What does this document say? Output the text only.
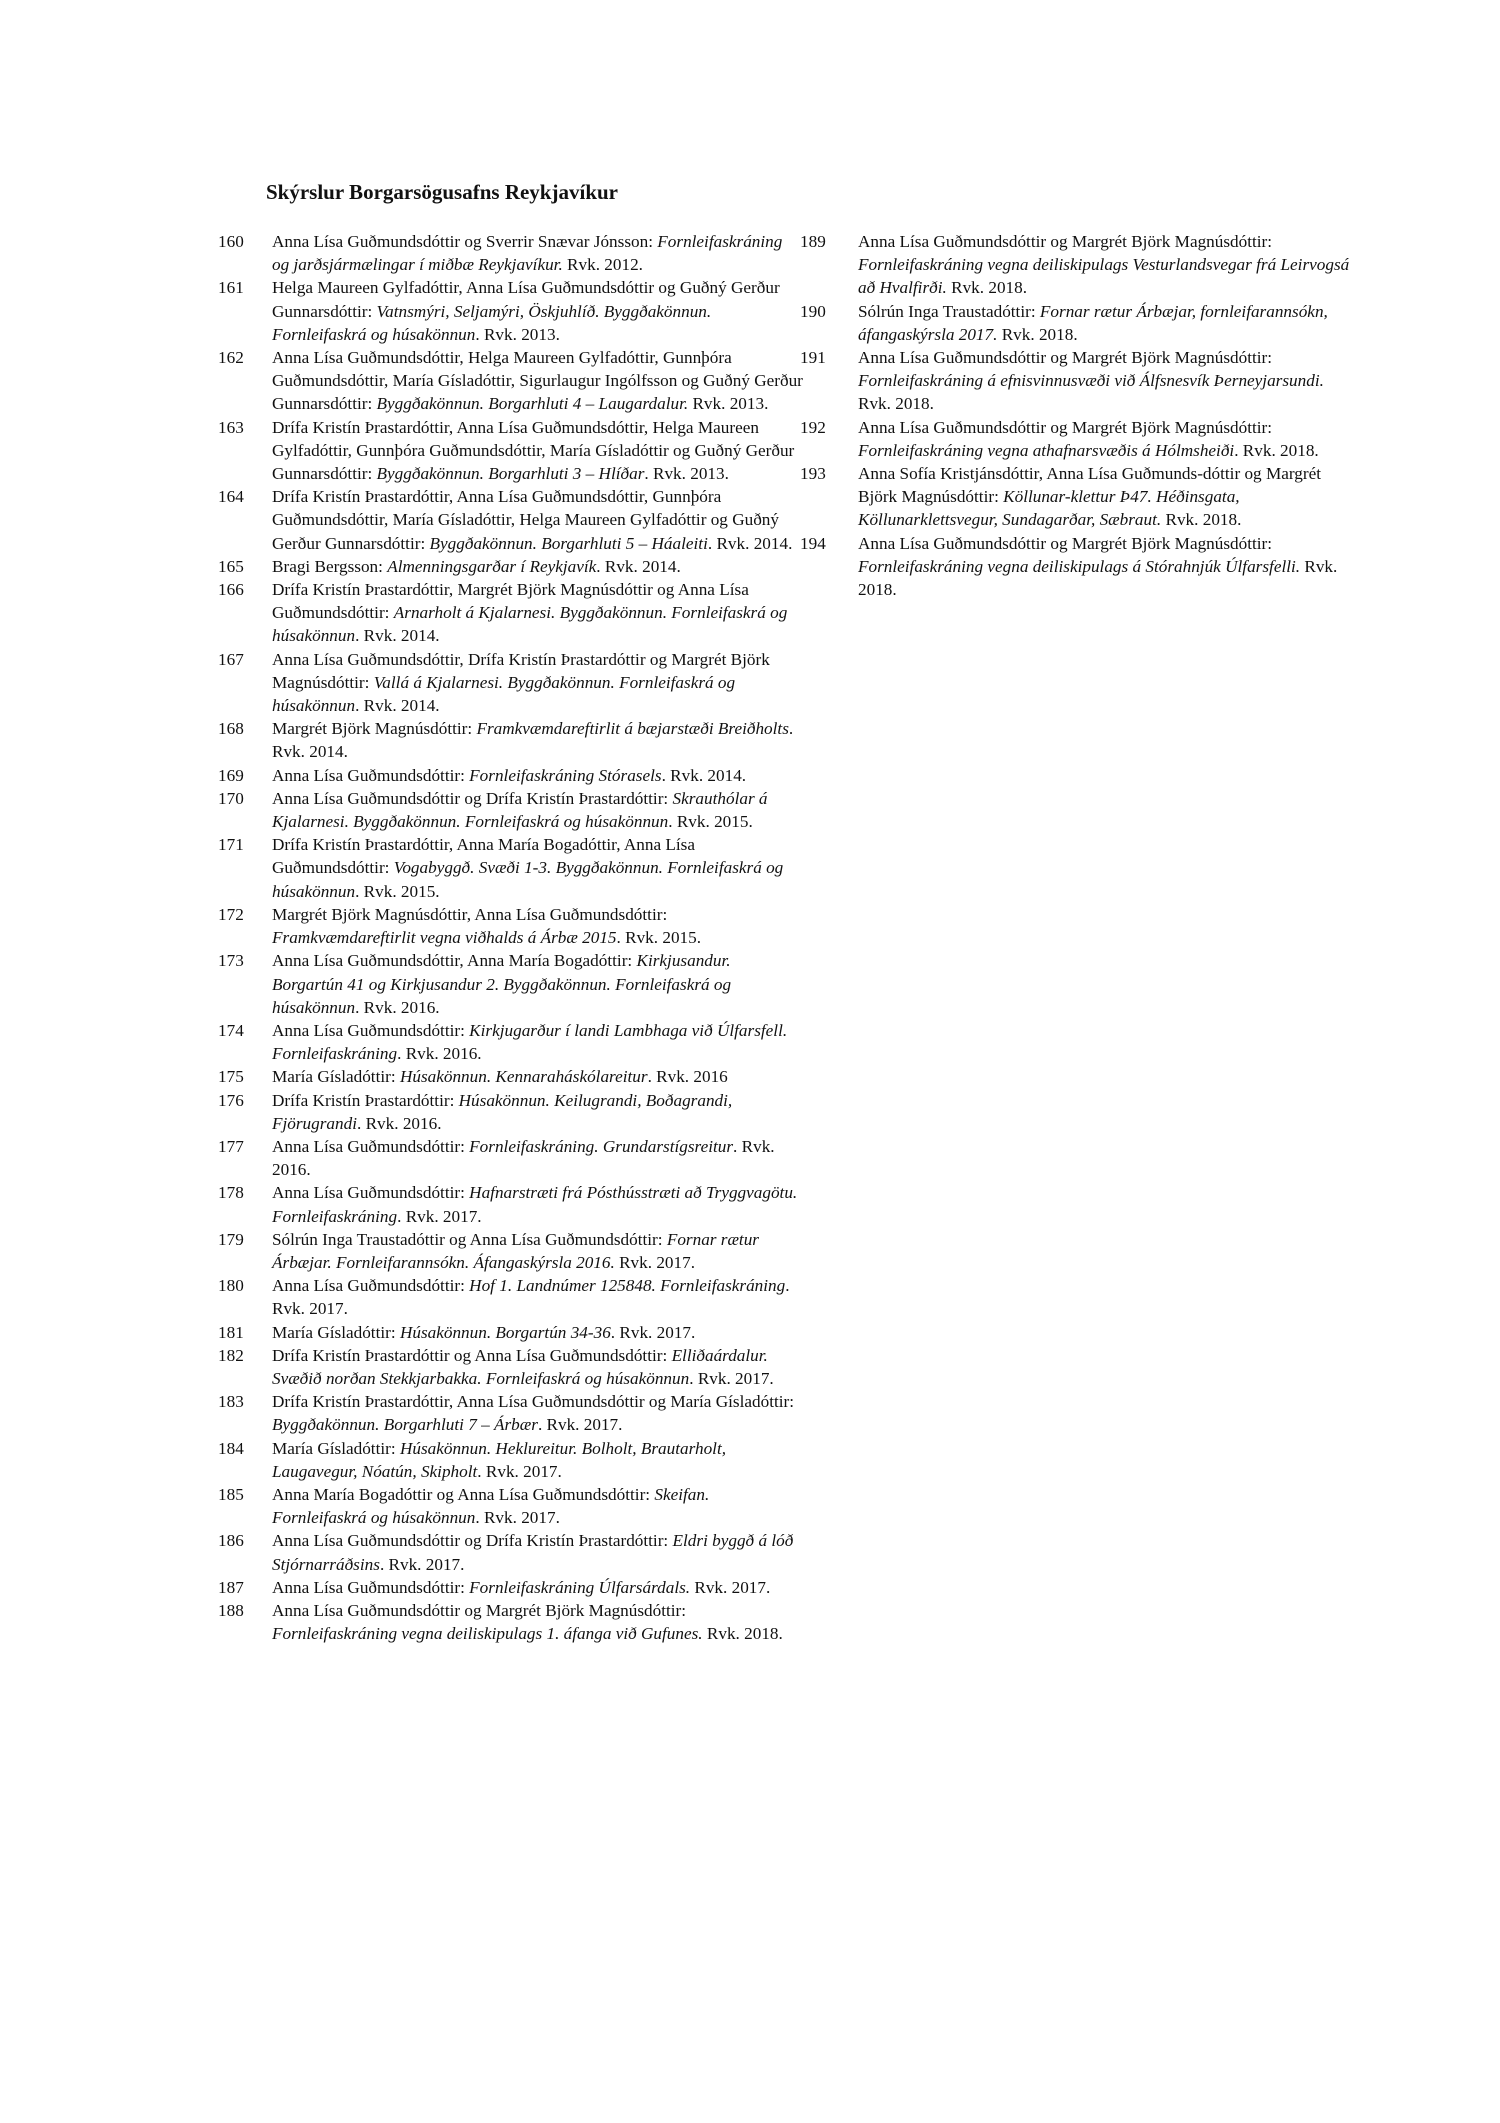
Skýrslur Borgarsögusafns Reykjavíkur
160	Anna Lísa Guðmundsdóttir og Sverrir Snævar Jónsson: Fornleifaskráning og jarðsjármælingar í miðbæ Reykjavíkur. Rvk. 2012.
161	Helga Maureen Gylfadóttir, Anna Lísa Guðmundsdóttir og Guðný Gerður Gunnarsdóttir: Vatnsmýri, Seljamýri, Öskjuhlíð. Byggðakönnun. Fornleifaskrá og húsakönnun. Rvk. 2013.
162	Anna Lísa Guðmundsdóttir, Helga Maureen Gylfadóttir, Gunnþóra Guðmundsdóttir, María Gísladóttir, Sigurlaugur Ingólfsson og Guðný Gerður Gunnarsdóttir: Byggðakönnun. Borgarhluti 4 – Laugardalur. Rvk. 2013.
163	Drífa Kristín Þrastardóttir, Anna Lísa Guðmundsdóttir, Helga Maureen Gylfadóttir, Gunnþóra Guðmundsdóttir, María Gísladóttir og Guðný Gerður Gunnarsdóttir: Byggðakönnun. Borgarhluti 3 – Hlíðar. Rvk. 2013.
164	Drífa Kristín Þrastardóttir, Anna Lísa Guðmundsdóttir, Gunnþóra Guðmundsdóttir, María Gísladóttir, Helga Maureen Gylfadóttir og Guðný Gerður Gunnarsdóttir: Byggðakönnun. Borgarhluti 5 – Háaleiti. Rvk. 2014.
165	Bragi Bergsson: Almenningsgarðar í Reykjavík. Rvk. 2014.
166	Drífa Kristín Þrastardóttir, Margrét Björk Magnúsdóttir og Anna Lísa Guðmundsdóttir: Arnarholt á Kjalarnesi. Byggðakönnun. Fornleifaskrá og húsakönnun. Rvk. 2014.
167	Anna Lísa Guðmundsdóttir, Drífa Kristín Þrastardóttir og Margrét Björk Magnúsdóttir: Vallá á Kjalarnesi. Byggðakönnun. Fornleifaskrá og húsakönnun. Rvk. 2014.
168	Margrét Björk Magnúsdóttir: Framkvæmdareftirlit á bæjarstæði Breiðholts. Rvk. 2014.
169	Anna Lísa Guðmundsdóttir: Fornleifaskráning Stórasels. Rvk. 2014.
170	Anna Lísa Guðmundsdóttir og Drífa Kristín Þrastardóttir: Skrauthólar á Kjalarnesi. Byggðakönnun. Fornleifaskrá og húsakönnun. Rvk. 2015.
171	Drífa Kristín Þrastardóttir, Anna María Bogadóttir, Anna Lísa Guðmundsdóttir: Vogabyggð. Svæði 1-3. Byggðakönnun. Fornleifaskrá og húsakönnun. Rvk. 2015.
172	Margrét Björk Magnúsdóttir, Anna Lísa Guðmundsdóttir: Framkvæmdareftirlit vegna viðhalds á Árbæ 2015. Rvk. 2015.
173	Anna Lísa Guðmundsdóttir, Anna María Bogadóttir: Kirkjusandur. Borgartún 41 og Kirkjusandur 2. Byggðakönnun. Fornleifaskrá og húsakönnun. Rvk. 2016.
174	Anna Lísa Guðmundsdóttir: Kirkjugarður í landi Lambhaga við Úlfarsfell. Fornleifaskráning. Rvk. 2016.
175	María Gísladóttir: Húsakönnun. Kennaraháskólareitur. Rvk. 2016
176	Drífa Kristín Þrastardóttir: Húsakönnun. Keilugrandi, Boðagrandi, Fjörugrandi. Rvk. 2016.
177	Anna Lísa Guðmundsdóttir: Fornleifaskráning. Grundarstígsreitur. Rvk. 2016.
178	Anna Lísa Guðmundsdóttir: Hafnarstræti frá Pósthússtræti að Tryggvagötu. Fornleifaskráning. Rvk. 2017.
179	Sólrún Inga Traustadóttir og Anna Lísa Guðmundsdóttir: Fornar rætur Árbæjar. Fornleifarannsókn. Áfangaskýrsla 2016. Rvk. 2017.
180	Anna Lísa Guðmundsdóttir: Hof 1. Landnúmer 125848. Fornleifaskráning. Rvk. 2017.
181	María Gísladóttir: Húsakönnun. Borgartún 34-36. Rvk. 2017.
182	Drífa Kristín Þrastardóttir og Anna Lísa Guðmundsdóttir: Elliðaárdalur. Svæðið norðan Stekkjarbakka. Fornleifaskrá og húsakönnun. Rvk. 2017.
183	Drífa Kristín Þrastardóttir, Anna Lísa Guðmundsdóttir og María Gísladóttir: Byggðakönnun. Borgarhluti 7 – Árbær. Rvk. 2017.
184	María Gísladóttir: Húsakönnun. Heklureitur. Bolholt, Brautarholt, Laugavegur, Nóatún, Skipholt. Rvk. 2017.
185	Anna María Bogadóttir og Anna Lísa Guðmundsdóttir: Skeifan. Fornleifaskrá og húsakönnun. Rvk. 2017.
186	Anna Lísa Guðmundsdóttir og Drífa Kristín Þrastardóttir: Eldri byggð á lóð Stjórnarráðsins. Rvk. 2017.
187	Anna Lísa Guðmundsdóttir: Fornleifaskráning Úlfarsárdals. Rvk. 2017.
188	Anna Lísa Guðmundsdóttir og Margrét Björk Magnúsdóttir: Fornleifaskráning vegna deiliskipulags 1. áfanga við Gufunes. Rvk. 2018.
189	Anna Lísa Guðmundsdóttir og Margrét Björk Magnúsdóttir: Fornleifaskráning vegna deiliskipulags Vesturlandsvegar frá Leirvogsá að Hvalfirði. Rvk. 2018.
190	Sólrún Inga Traustadóttir: Fornar rætur Árbæjar, fornleifarannsókn, áfangaskýrsla 2017. Rvk. 2018.
191	Anna Lísa Guðmundsdóttir og Margrét Björk Magnúsdóttir: Fornleifaskráning á efnisvinnusvæði við Álfsnesvík Þerneyjarsundi. Rvk. 2018.
192	Anna Lísa Guðmundsdóttir og Margrét Björk Magnúsdóttir: Fornleifaskráning vegna athafnarsvæðis á Hólmsheiði. Rvk. 2018.
193	Anna Sofía Kristjánsdóttir, Anna Lísa Guðmunds-dóttir og Margrét Björk Magnúsdóttir: Köllunar-klettur Þ47. Héðinsgata, Köllunarklettsvegur, Sundagarðar, Sæbraut. Rvk. 2018.
194	Anna Lísa Guðmundsdóttir og Margrét Björk Magnúsdóttir: Fornleifaskráning vegna deiliskipulags á Stórahnjúk Úlfarsfelli. Rvk. 2018.
